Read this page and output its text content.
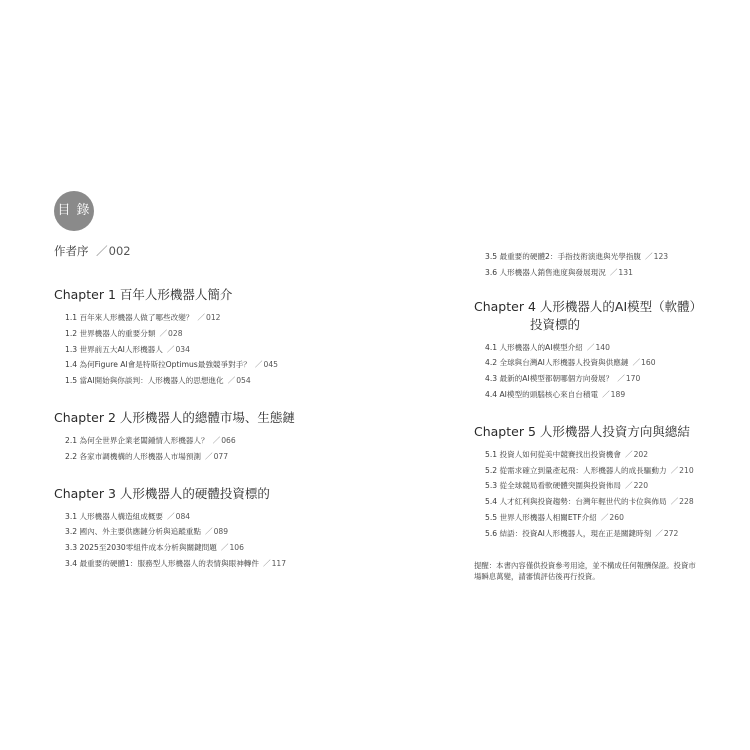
目 錄
作者序 ／ 002
Chapter 1 百年人形機器人簡介
1.1 百年來人形機器人做了哪些改變？ ／ 012
1.2 世界機器人的重要分類 ／ 028
1.3 世界前五大AI人形機器人 ／ 034
1.4 為何Figure AI會是特斯拉Optimus最強競爭對手？ ／ 045
1.5 當AI開始與你談判：人形機器人的思想進化 ／ 054
Chapter 2 人形機器人的總體市場、生態鏈
2.1 為何全世界企業老闆鍾情人形機器人？ ／ 066
2.2 各家市調機構的人形機器人市場預測 ／ 077
Chapter 3 人形機器人的硬體投資標的
3.1 人形機器人構造組成概要 ／ 084
3.2 國內、外主要供應鏈分析與追蹤重點 ／ 089
3.3 2025至2030零組件成本分析與關鍵問題 ／ 106
3.4 最重要的硬體1：服務型人形機器人的表情與眼神轉件 ／ 117
3.5 最重要的硬體2：手指技術演進與光學指腹 ／ 123
3.6 人形機器人銷售進度與發展現況 ／ 131
Chapter 4 人形機器人的AI模型（軟體）
投資標的
4.1 人形機器人的AI模型介紹 ／ 140
4.2 全球與台灣AI人形機器人投資與供應鏈 ／ 160
4.3 最新的AI模型都朝哪個方向發展？ ／ 170
4.4 AI模型的頭腦核心來自台積電 ／ 189
Chapter 5 人形機器人投資方向與總結
5.1 投資人如何從美中競賽找出投資機會 ／ 202
5.2 從需求確立到量產起飛：人形機器人的成長驅動力 ／ 210
5.3 從全球競局看軟硬體突圍與投資佈局 ／ 220
5.4 人才紅利與投資趨勢：台灣年輕世代的卡位與佈局 ／ 228
5.5 世界人形機器人相關ETF介紹 ／ 260
5.6 結語：投資AI人形機器人，現在正是關鍵時刻 ／ 272
提醒：本書內容僅供投資參考用途，並不構成任何報酬保證。投資市場瞬息萬變，請審慎評估後再行投資。
